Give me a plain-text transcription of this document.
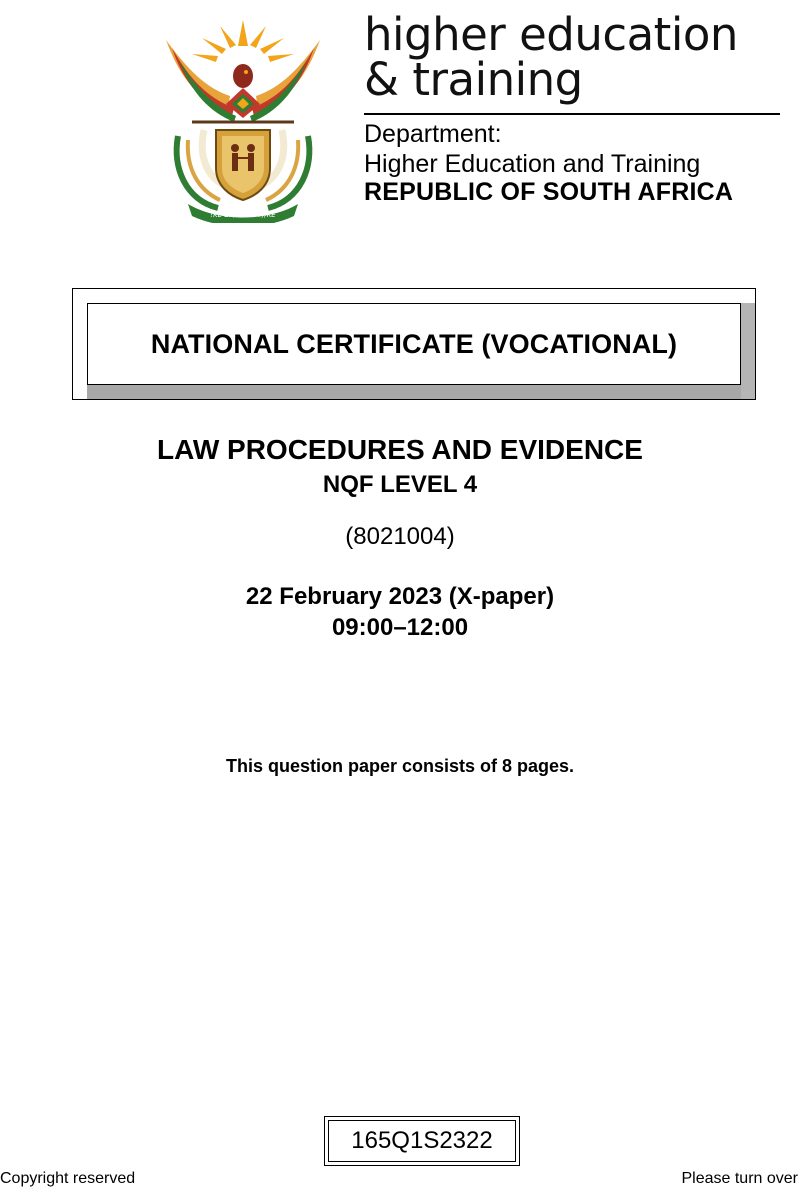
!KE E: /XARRA //KE
higher education
& training
Department:
Higher Education and Training
REPUBLIC OF SOUTH AFRICA
NATIONAL CERTIFICATE (VOCATIONAL)
LAW PROCEDURES AND EVIDENCE
NQF LEVEL 4
(8021004)
22 February 2023 (X-paper)
09:00–12:00
This question paper consists of 8 pages.
165Q1S2322
Copyright reserved	Please turn over
